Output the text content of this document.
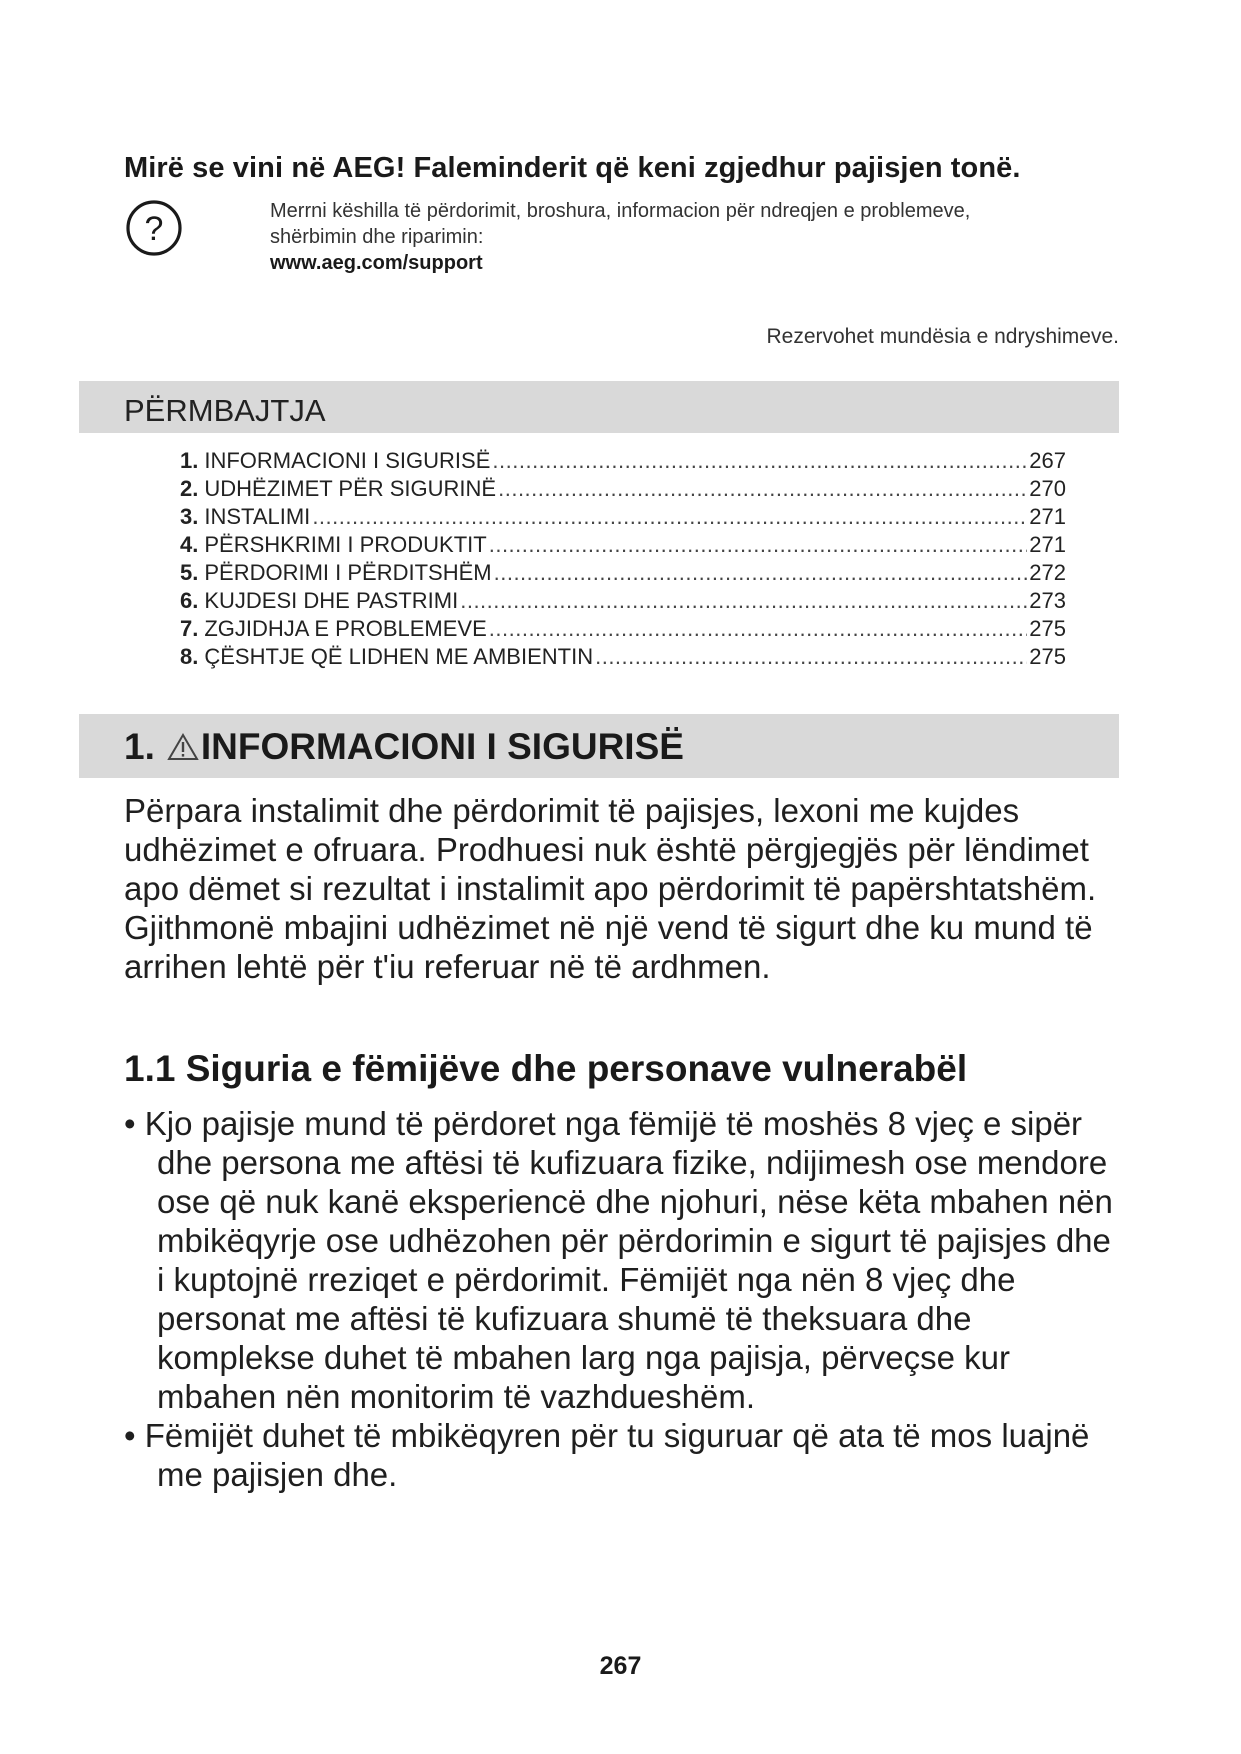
Mirë se vini në AEG! Faleminderit që keni zgjedhur pajisjen tonë.
?	Merrni këshilla të përdorimit, broshura, informacion për ndreqjen e problemeve,
shërbimin dhe riparimin:
www.aeg.com/support
Rezervohet mundësia e ndryshimeve.
PËRMBAJTJA
1. INFORMACIONI I SIGURISË .....	267
2. UDHËZIMET PËR SIGURINË .....	270
3. INSTALIMI .....	271
4. PËRSHKRIMI I PRODUKTIT .....	271
5. PËRDORIMI I PËRDITSHËM .....	272
6. KUJDESI DHE PASTRIMI .....	273
7. ZGJIDHJA E PROBLEMEVE .....	275
8. ÇËSHTJE QË LIDHEN ME AMBIENTIN .....	275
1. INFORMACIONI I SIGURISË
Përpara instalimit dhe përdorimit të pajisjes, lexoni me kujdes udhëzimet e ofruara. Prodhuesi nuk është përgjegjës për lëndimet apo dëmet si rezultat i instalimit apo përdorimit të papërshtatshëm. Gjithmonë mbajini udhëzimet në një vend të sigurt dhe ku mund të arrihen lehtë për t'iu referuar në të ardhmen.
1.1 Siguria e fëmijëve dhe personave vulnerabël
• Kjo pajisje mund të përdoret nga fëmijë të moshës 8 vjeç e sipër dhe persona me aftësi të kufizuara fizike, ndijimesh ose mendore ose që nuk kanë eksperiencë dhe njohuri, nëse këta mbahen nën mbikëqyrje ose udhëzohen për përdorimin e sigurt të pajisjes dhe i kuptojnë rreziqet e përdorimit. Fëmijët nga nën 8 vjeç dhe personat me aftësi të kufizuara shumë të theksuara dhe komplekse duhet të mbahen larg nga pajisja, përveçse kur mbahen nën monitorim të vazhdueshëm.
• Fëmijët duhet të mbikëqyren për tu siguruar që ata të mos luajnë me pajisjen dhe.
267
